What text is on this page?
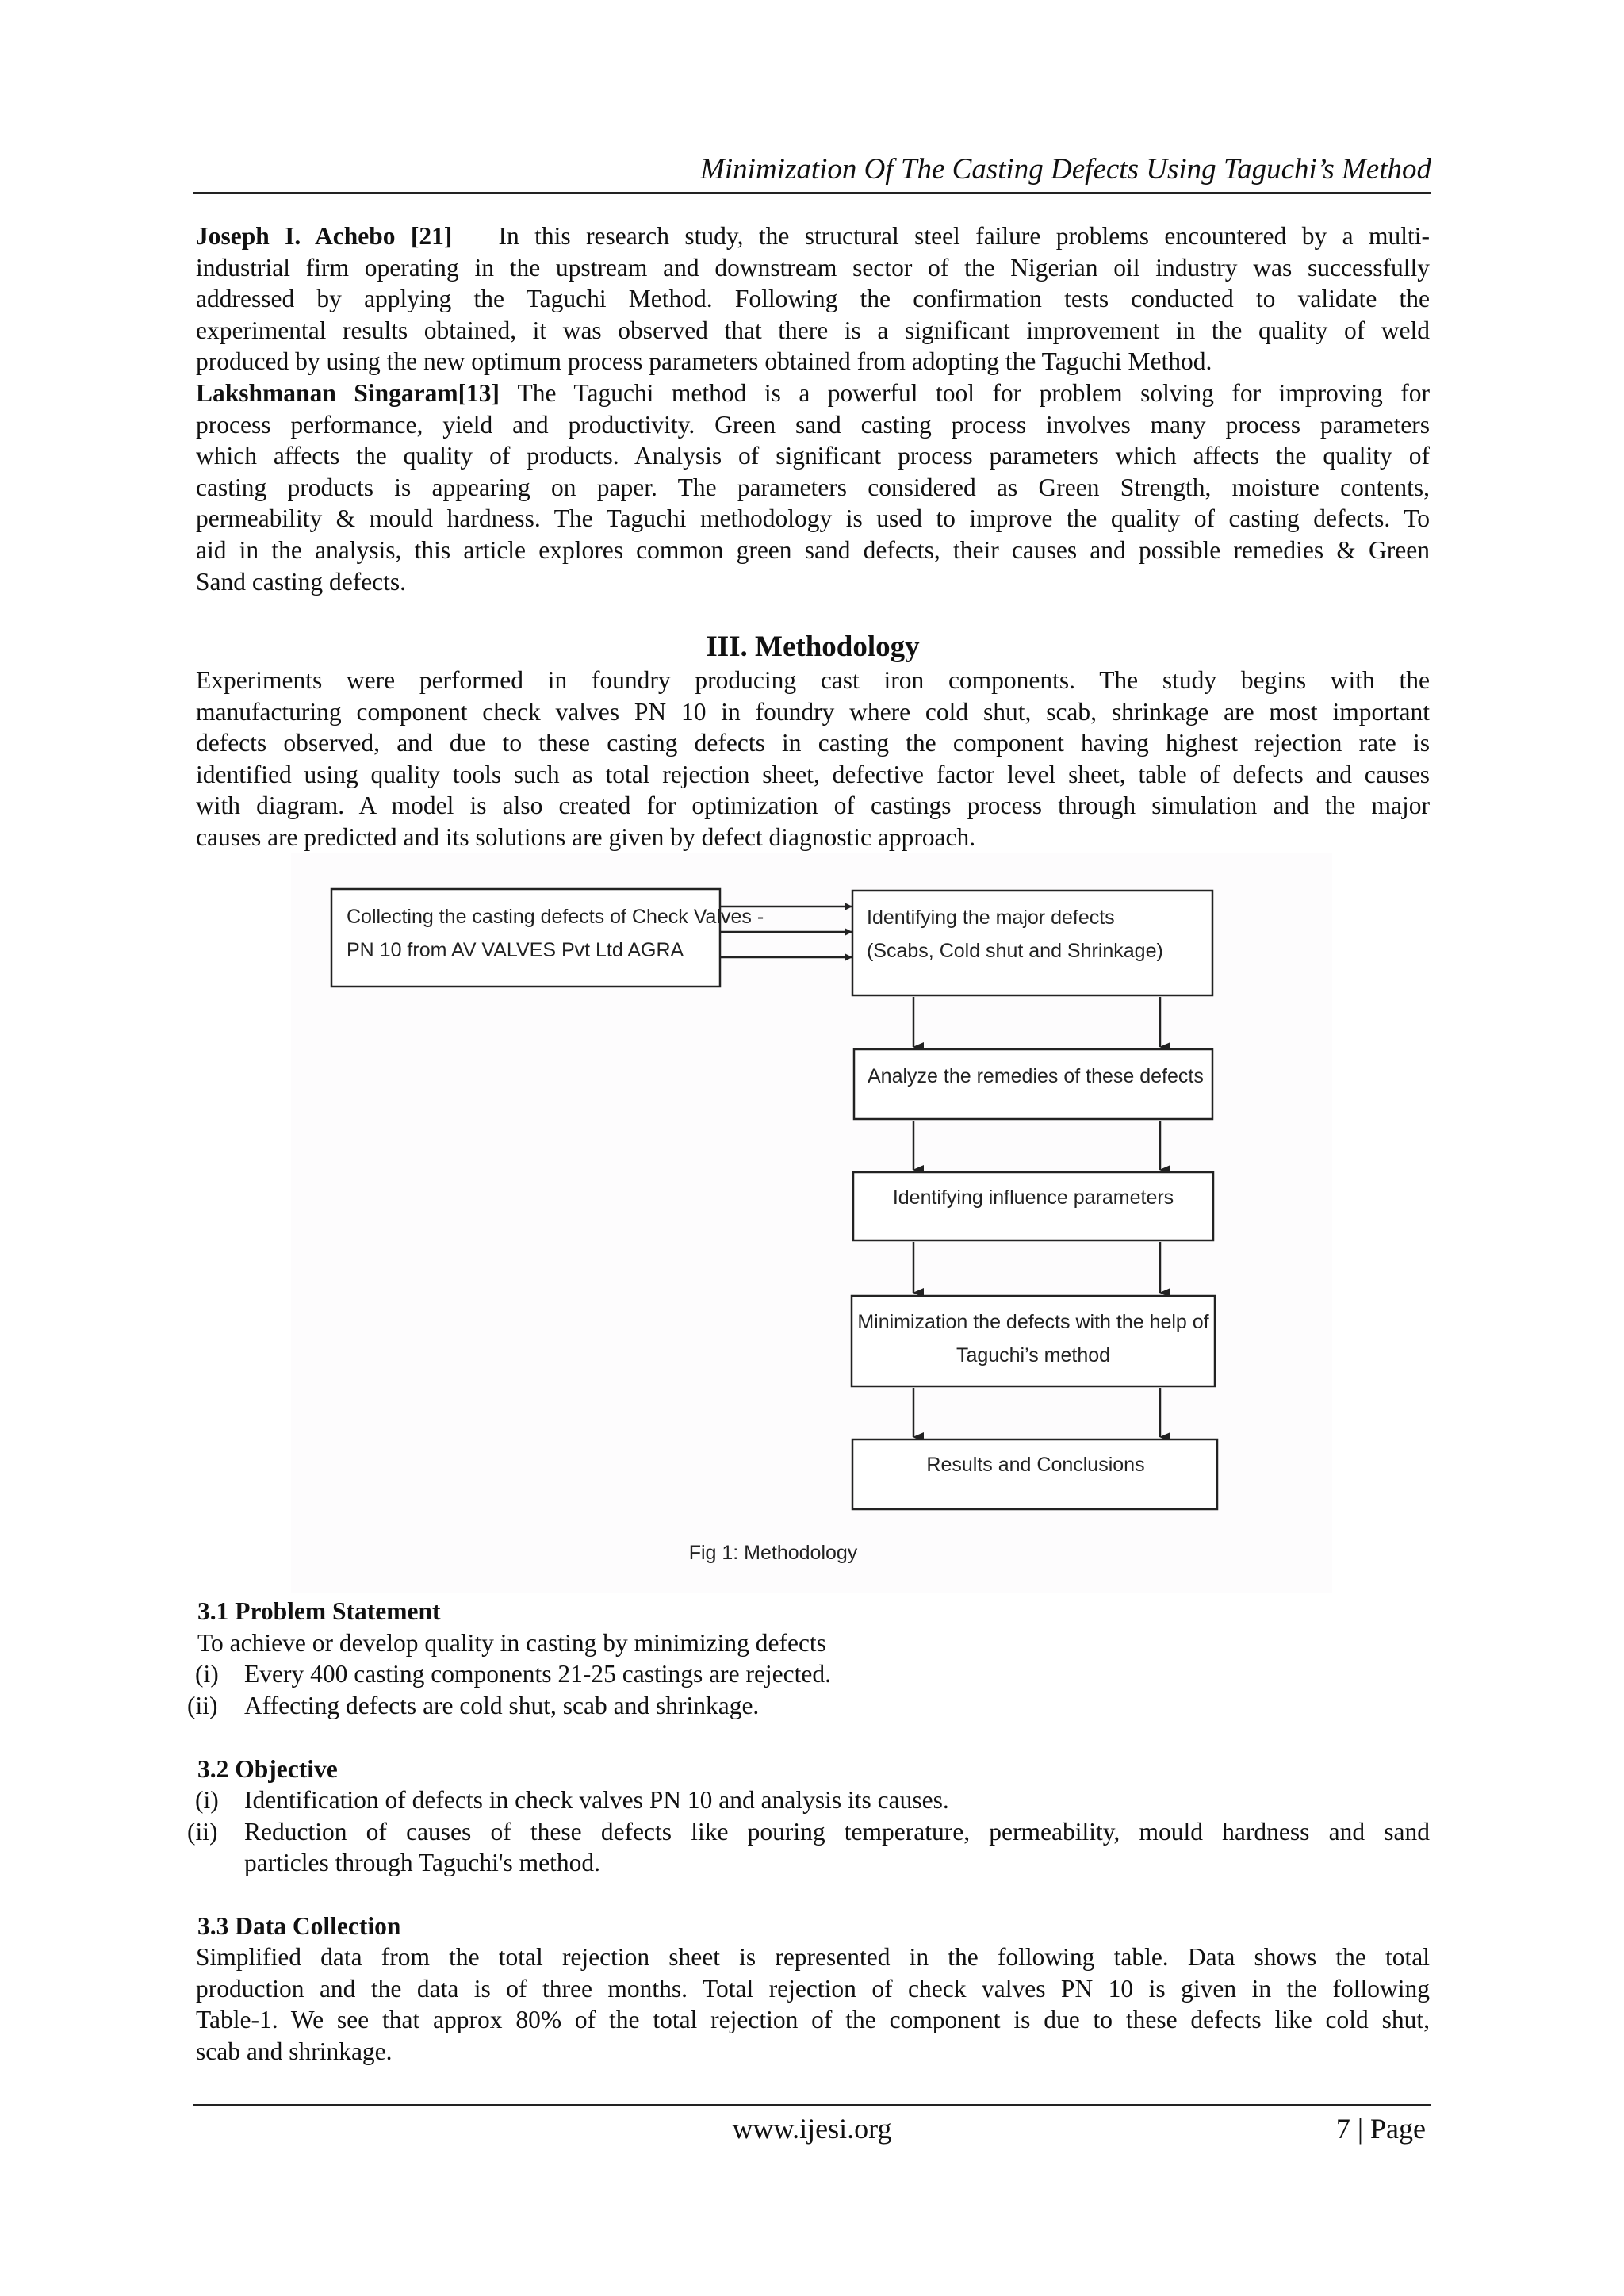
Minimization Of The Casting Defects Using Taguchi’s Method
Joseph I. Achebo [21] In this research study, the structural steel failure problems encountered by a multi-
industrial firm operating in the upstream and downstream sector of the Nigerian oil industry was successfully
addressed by applying the Taguchi Method. Following the confirmation tests conducted to validate the
experimental results obtained, it was observed that there is a significant improvement in the quality of weld
produced by using the new optimum process parameters obtained from adopting the Taguchi Method.
Lakshmanan Singaram[13] The Taguchi method is a powerful tool for problem solving for improving for
process performance, yield and productivity. Green sand casting process involves many process parameters
which affects the quality of products. Analysis of significant process parameters which affects the quality of
casting products is appearing on paper. The parameters considered as Green Strength, moisture contents,
permeability & mould hardness. The Taguchi methodology is used to improve the quality of casting defects. To
aid in the analysis, this article explores common green sand defects, their causes and possible remedies & Green
Sand casting defects.
III. Methodology
Experiments were performed in foundry producing cast iron components. The study begins with the
manufacturing component check valves PN 10 in foundry where cold shut, scab, shrinkage are most important
defects observed, and due to these casting defects in casting the component having highest rejection rate is
identified using quality tools such as total rejection sheet, defective factor level sheet, table of defects and causes
with diagram. A model is also created for optimization of castings process through simulation and the major
causes are predicted and its solutions are given by defect diagnostic approach.
Collecting the casting defects of Check Valves -
PN 10 from AV VALVES Pvt Ltd AGRA
Identifying the major defects
(Scabs, Cold shut and Shrinkage)
Analyze the remedies of these defects
Identifying influence parameters
Minimization the defects with the help of
Taguchi’s method
Results and Conclusions
Fig 1: Methodology
3.1 Problem Statement
To achieve or develop quality in casting by minimizing defects
(i)	Every 400 casting components 21-25 castings are rejected.
(ii)	Affecting defects are cold shut, scab and shrinkage.
3.2 Objective
(i)	Identification of defects in check valves PN 10 and analysis its causes.
(ii)	Reduction of causes of these defects like pouring temperature, permeability, mould hardness and sand
particles through Taguchi's method.
3.3 Data Collection
Simplified data from the total rejection sheet is represented in the following table. Data shows the total
production and the data is of three months. Total rejection of check valves PN 10 is given in the following
Table-1. We see that approx 80% of the total rejection of the component is due to these defects like cold shut,
scab and shrinkage.
www.ijesi.org	7 | Page
